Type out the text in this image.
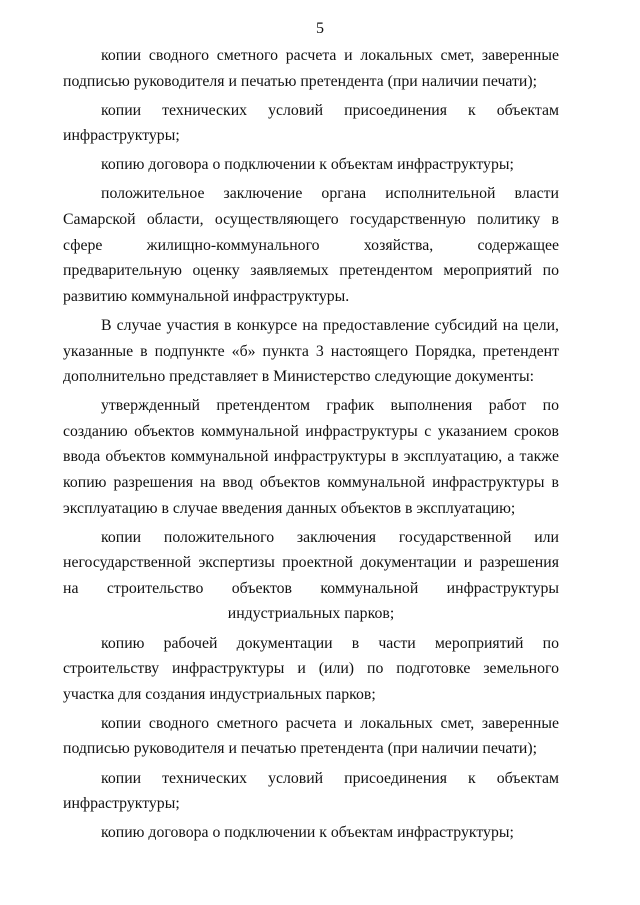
5

копии сводного сметного расчета и локальных смет, заверенные подписью руководителя и печатью претендента (при наличии печати);

копии технических условий присоединения к объектам инфраструктуры;

копию договора о подключении к объектам инфраструктуры;

положительное заключение органа исполнительной власти Самарской области, осуществляющего государственную политику в сфере жилищно-коммунального хозяйства, содержащее предварительную оценку заявляемых претендентом мероприятий по развитию коммунальной инфраструктуры.

В случае участия в конкурсе на предоставление субсидий на цели, указанные в подпункте «б» пункта 3 настоящего Порядка, претендент дополнительно представляет в Министерство следующие документы:

утвержденный претендентом график выполнения работ по созданию объектов коммунальной инфраструктуры с указанием сроков ввода объектов коммунальной инфраструктуры в эксплуатацию, а также копию разрешения на ввод объектов коммунальной инфраструктуры в эксплуатацию в случае введения данных объектов в эксплуатацию;

копии положительного заключения государственной или негосударственной экспертизы проектной документации и разрешения на строительство объектов коммунальной инфраструктуры индустриальных парков;

копию рабочей документации в части мероприятий по строительству инфраструктуры и (или) по подготовке земельного участка для создания индустриальных парков;

копии сводного сметного расчета и локальных смет, заверенные подписью руководителя и печатью претендента (при наличии печати);

копии технических условий присоединения к объектам инфраструктуры;

копию договора о подключении к объектам инфраструктуры;
